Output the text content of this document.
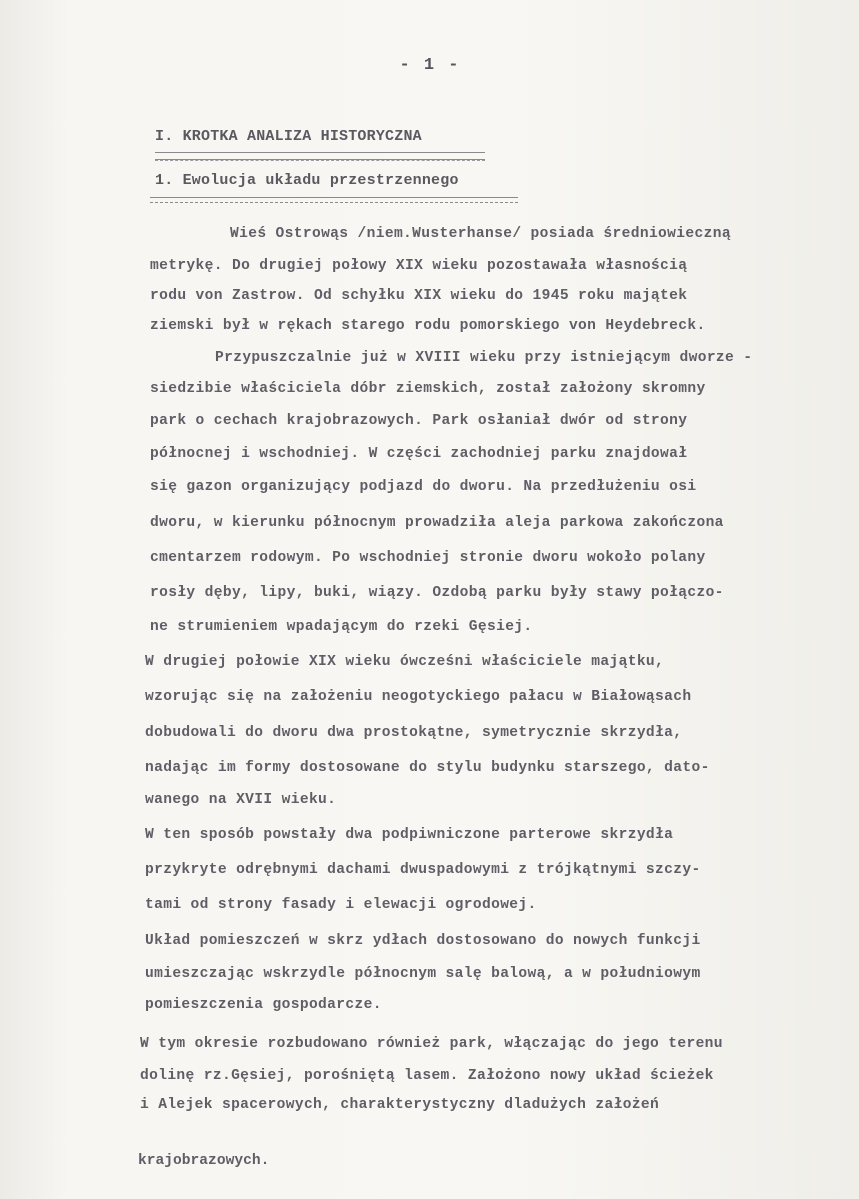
- 1 -
I. KROTKA ANALIZA HISTORYCZNA
1. Ewolucja układu przestrzennego
Wieś Ostrowąs /niem.Wusterhanse/ posiada średniowieczną
metrykę. Do drugiej połowy XIX wieku pozostawała własnością
rodu von Zastrow. Od schyłku XIX wieku do 1945 roku majątek
ziemski był w rękach starego rodu pomorskiego von Heydebreck.
Przypuszczalnie już w XVIII wieku przy istniejącym dworze -
siedzibie właściciela dóbr ziemskich, został założony skromny
park o cechach krajobrazowych. Park osłaniał dwór od strony
północnej i wschodniej. W części zachodniej parku znajdował
się gazon organizujący podjazd do dworu. Na przedłużeniu osi
dworu, w kierunku północnym prowadziła aleja parkowa zakończona
cmentarzem rodowym. Po wschodniej stronie dworu wokoło polany
rosły dęby, lipy, buki, wiązy. Ozdobą parku były stawy połączo-
ne strumieniem wpadającym do rzeki Gęsiej.
W drugiej połowie XIX wieku ówcześni właściciele majątku,
wzorując się na założeniu neogotyckiego pałacu w Białowąsach
dobudowali do dworu dwa prostokątne, symetrycznie skrzydła,
nadając im formy dostosowane do stylu budynku starszego, dato-
wanego na XVII wieku.
W ten sposób powstały dwa podpiwniczone parterowe skrzydła
przykryte odrębnymi dachami dwuspadowymi z trójkątnymi szczy-
tami od strony fasady i elewacji ogrodowej.
Układ pomieszczeń w skrz ydłach dostosowano do nowych funkcji
umieszczając wskrzydle północnym salę balową, a w południowym
pomieszczenia gospodarcze.
W tym okresie rozbudowano również park, włączając do jego terenu
dolinę rz.Gęsiej, porośniętą lasem. Założono nowy układ ścieżek
i Alejek spacerowych, charakterystyczny dladużych założeń
krajobrazowych.
